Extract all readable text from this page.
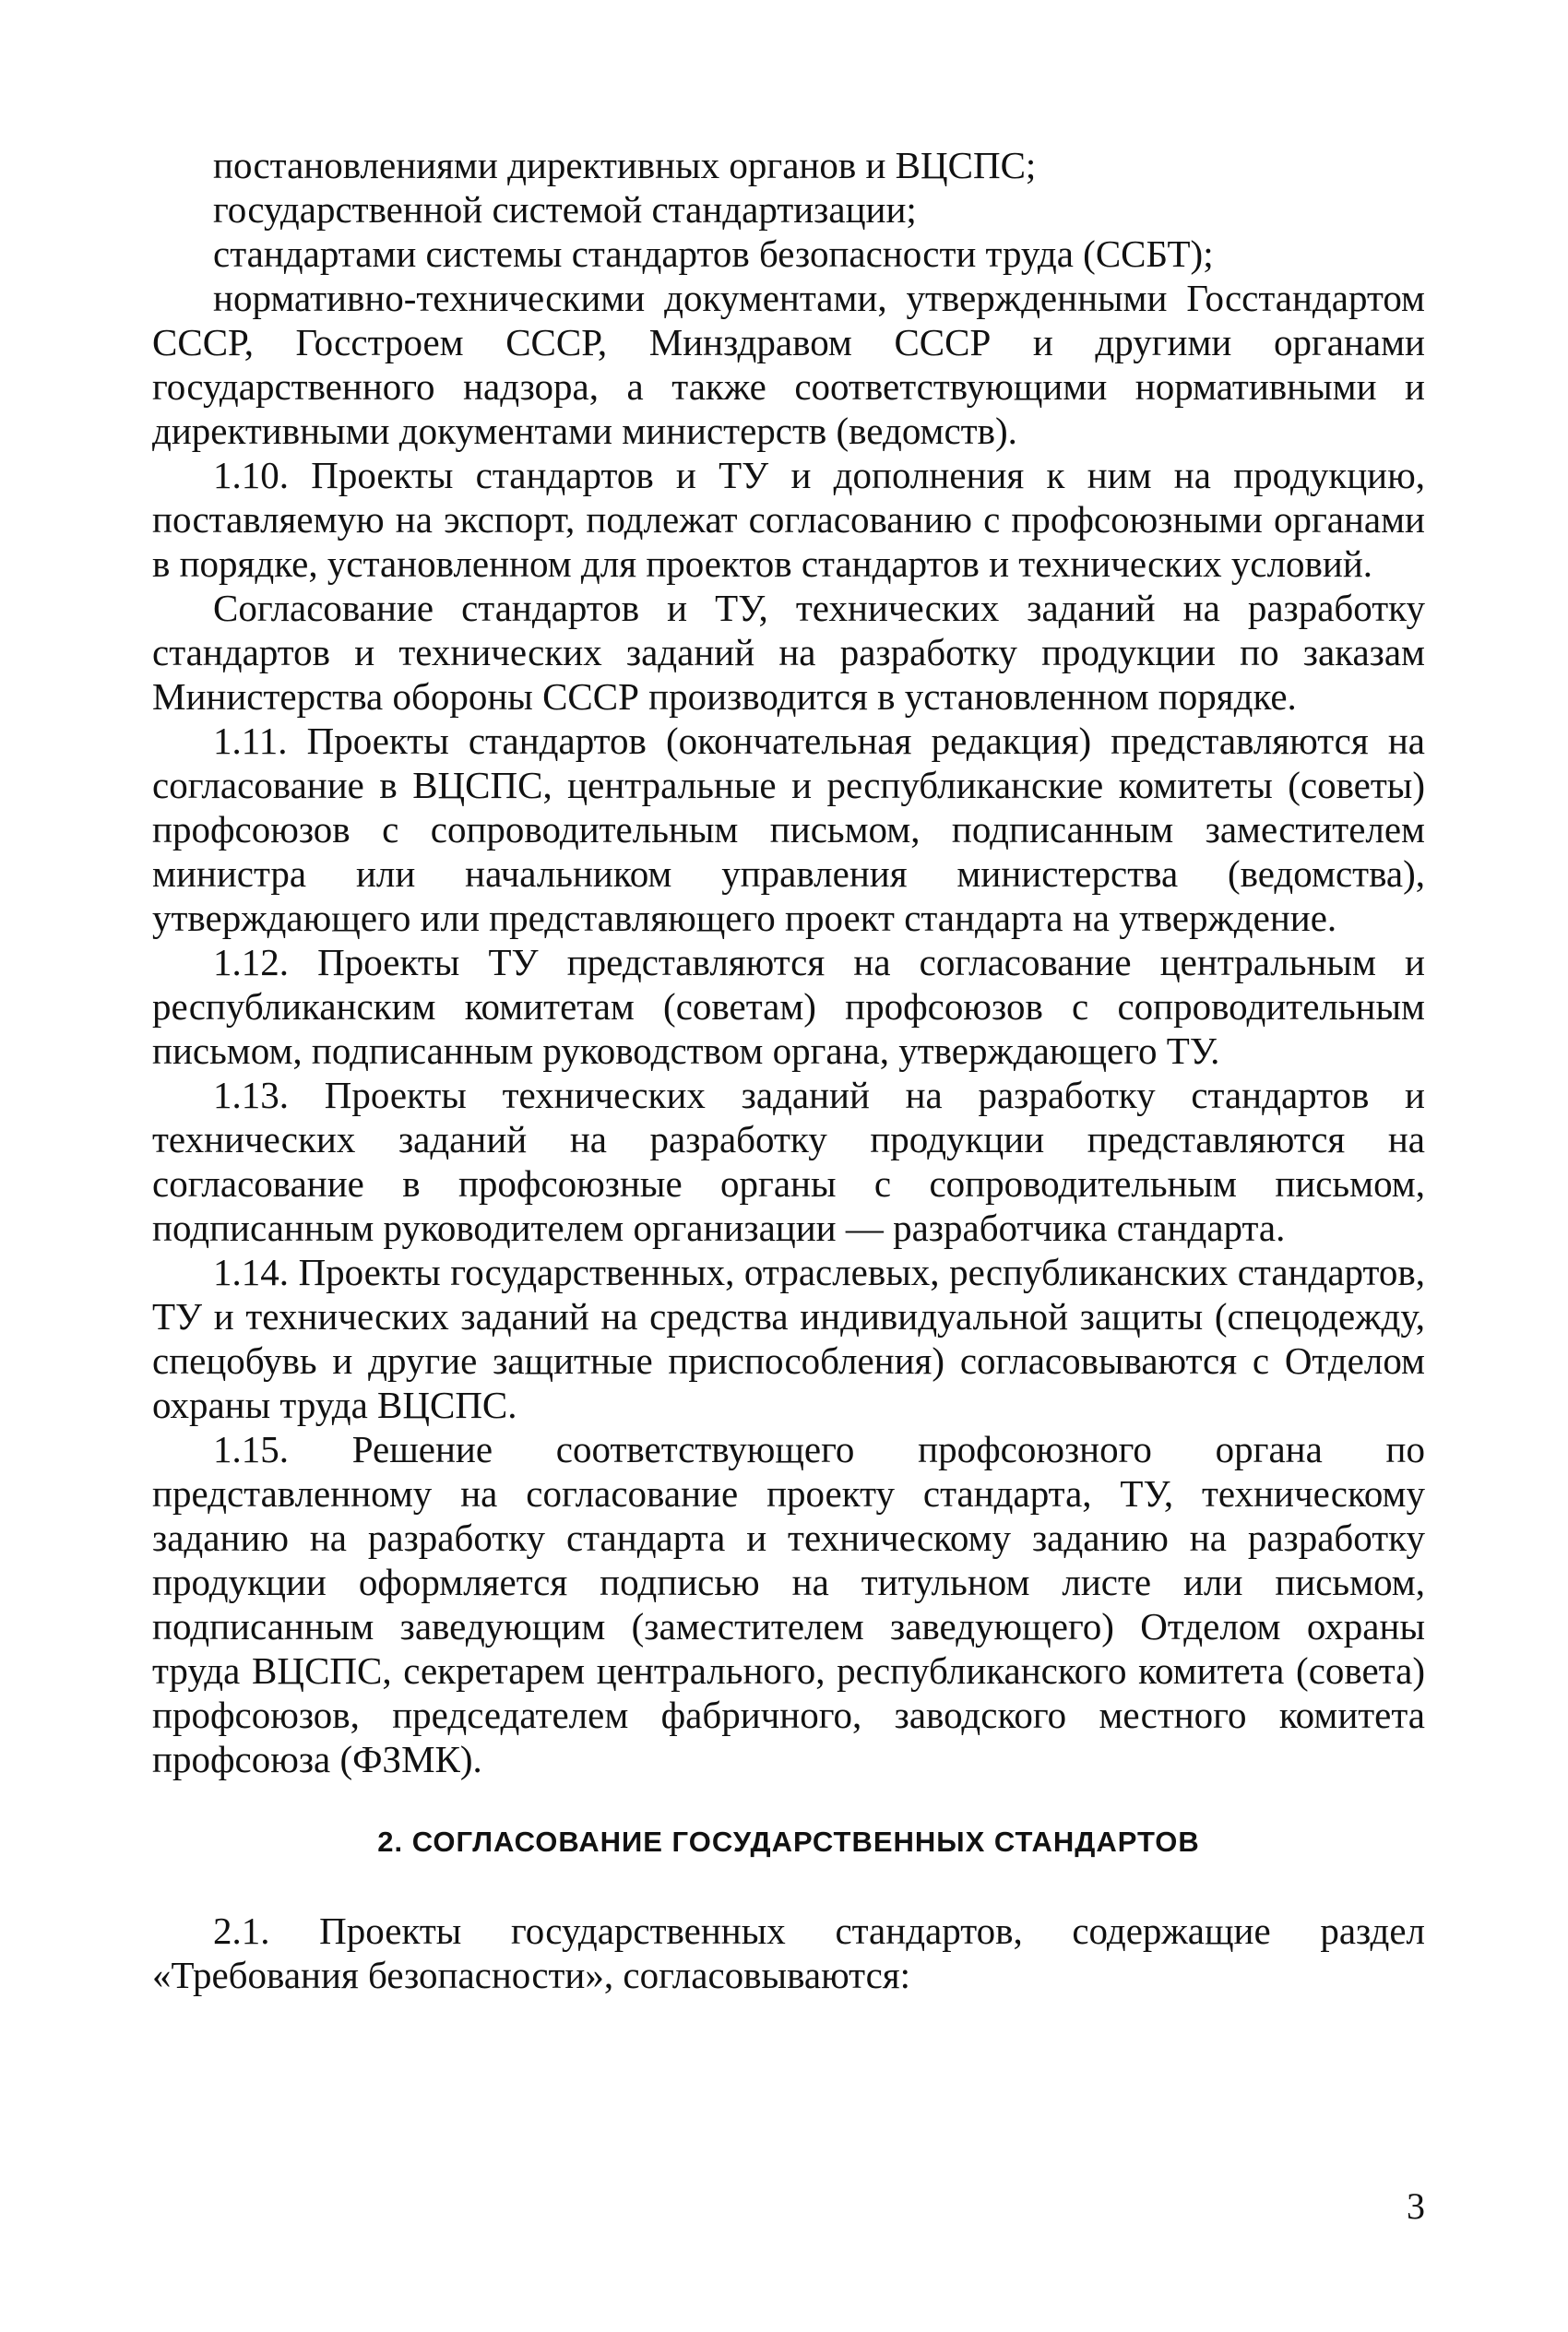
постановлениями директивных органов и ВЦСПС;

государственной системой стандартизации;

стандартами системы стандартов безопасности труда (ССБТ);

нормативно-техническими документами, утвержденными Госстандартом СССР, Госстроем СССР, Минздравом СССР и другими органами государственного надзора, а также соответствующими нормативными и директивными документами министерств (ведомств).

1.10. Проекты стандартов и ТУ и дополнения к ним на продукцию, поставляемую на экспорт, подлежат согласованию с профсоюзными органами в порядке, установленном для проектов стандартов и технических условий.

Согласование стандартов и ТУ, технических заданий на разработку стандартов и технических заданий на разработку продукции по заказам Министерства обороны СССР производится в установленном порядке.

1.11. Проекты стандартов (окончательная редакция) представляются на согласование в ВЦСПС, центральные и республиканские комитеты (советы) профсоюзов с сопроводительным письмом, подписанным заместителем министра или начальником управления министерства (ведомства), утверждающего или представляющего проект стандарта на утверждение.

1.12. Проекты ТУ представляются на согласование центральным и республиканским комитетам (советам) профсоюзов с сопроводительным письмом, подписанным руководством органа, утверждающего ТУ.

1.13. Проекты технических заданий на разработку стандартов и технических заданий на разработку продукции представляются на согласование в профсоюзные органы с сопроводительным письмом, подписанным руководителем организации — разработчика стандарта.

1.14. Проекты государственных, отраслевых, республиканских стандартов, ТУ и технических заданий на средства индивидуальной защиты (спецодежду, спецобувь и другие защитные приспособления) согласовываются с Отделом охраны труда ВЦСПС.

1.15. Решение соответствующего профсоюзного органа по представленному на согласование проекту стандарта, ТУ, техническому заданию на разработку стандарта и техническому заданию на разработку продукции оформляется подписью на титульном листе или письмом, подписанным заведующим (заместителем заведующего) Отделом охраны труда ВЦСПС, секретарем центрального, республиканского комитета (совета) профсоюзов, председателем фабричного, заводского местного комитета профсоюза (ФЗМК).

2. СОГЛАСОВАНИЕ ГОСУДАРСТВЕННЫХ СТАНДАРТОВ

2.1. Проекты государственных стандартов, содержащие раздел «Требования безопасности», согласовываются:

3
